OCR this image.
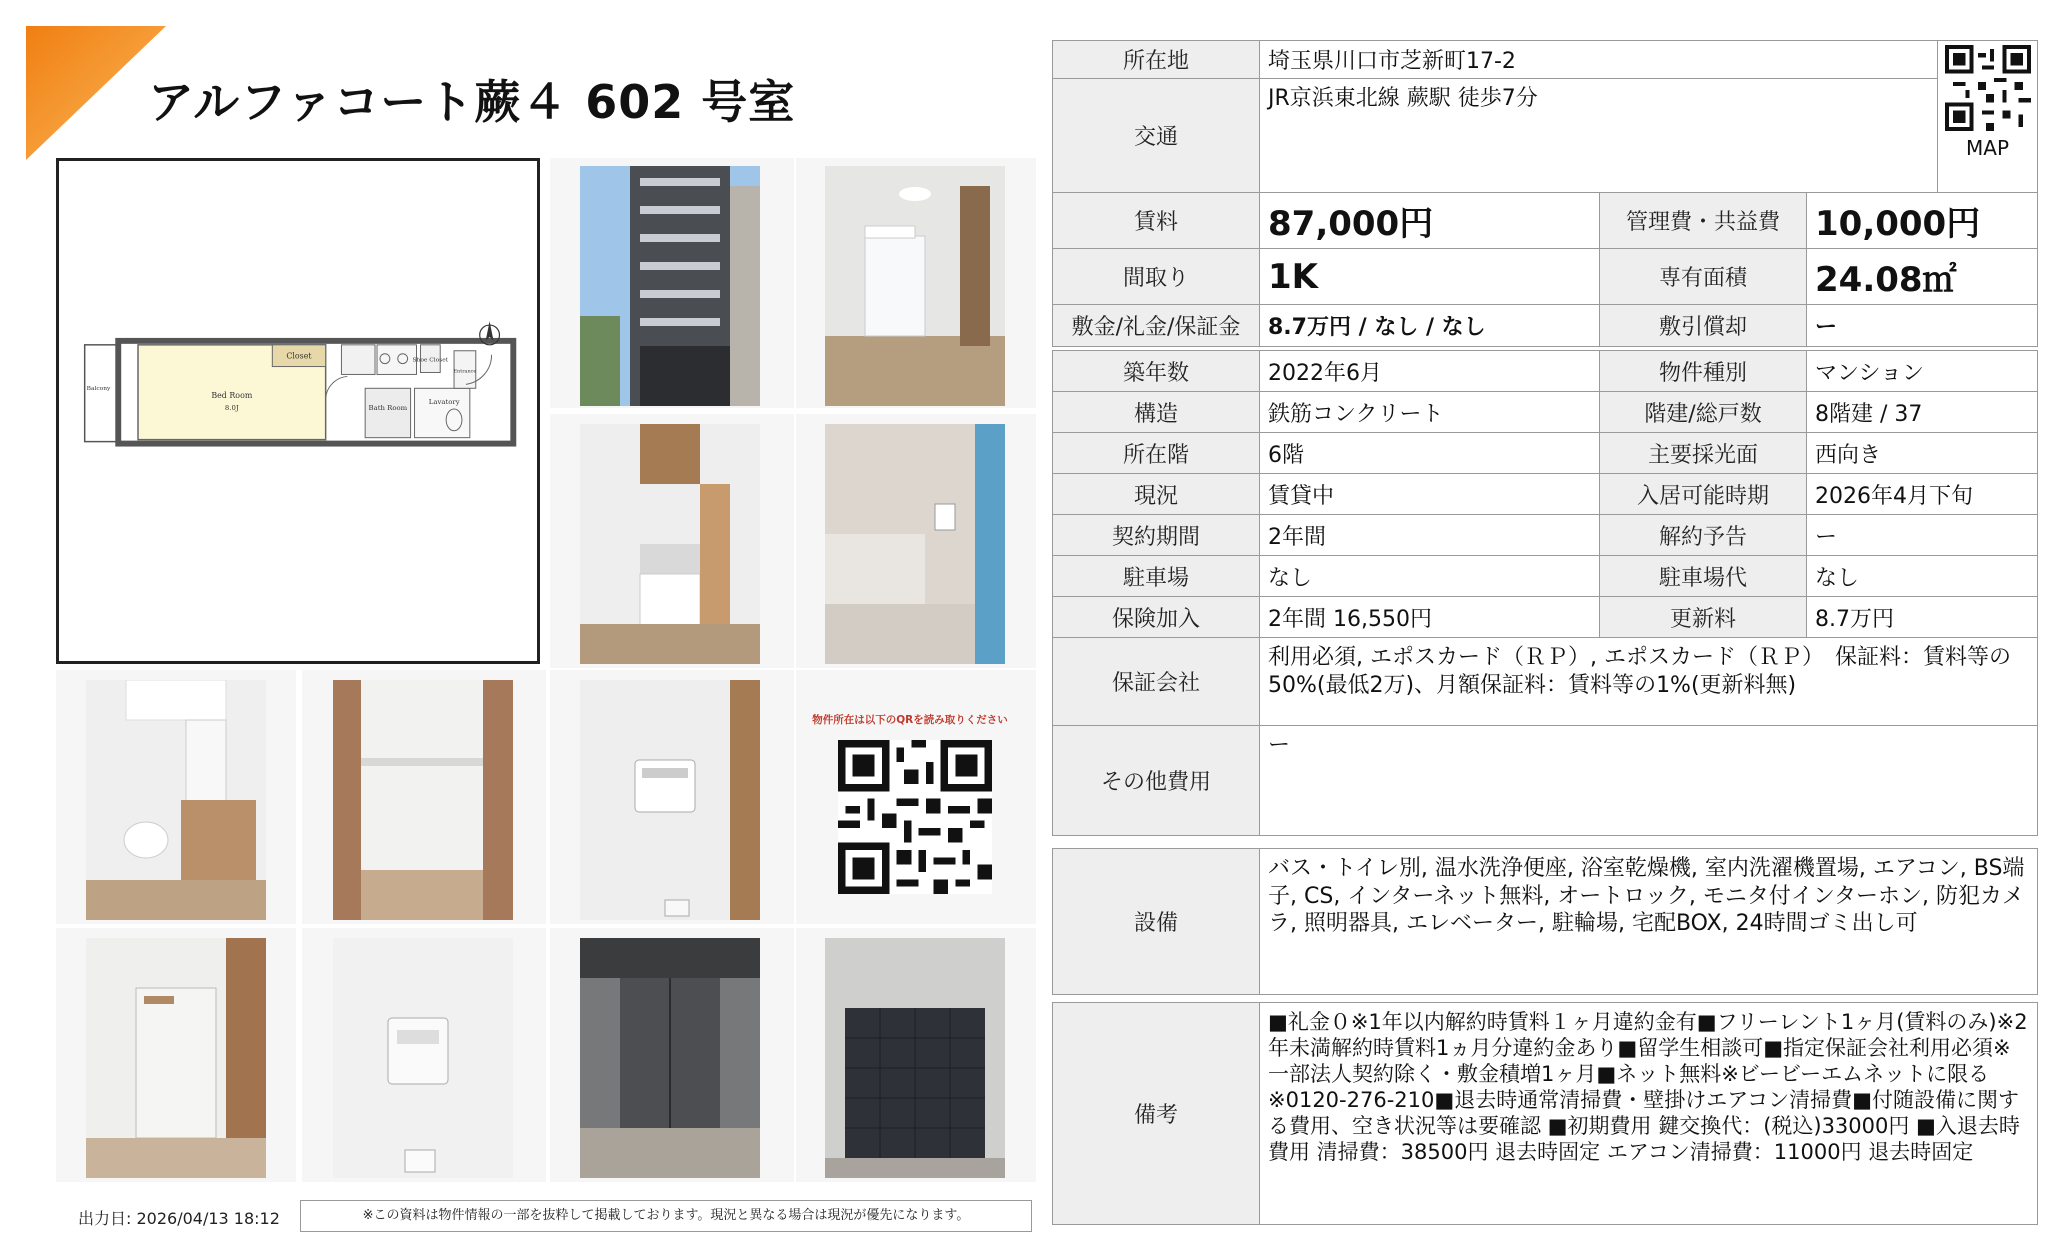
アルファコート蕨４ 602 号室
Closet	Shoe Closet
Bed Room
8.0J
Balcony
Bath Room
Lavatory
Entrance
物件所在は以下のQRを読み取りください
出力日: 2026/04/13 18:12	※この資料は物件情報の一部を抜粋して掲載しております。現況と異なる場合は現況が優先になります。
所在地	埼玉県川口市芝新町17-2			MAP

交通	JR京浜東北線 蕨駅 徒歩7分			
賃料	87,000円	管理費・共益費	10,000円	
間取り	1K	専有面積	24.08㎡	
敷金/礼金/保証金	8.7万円 / なし / なし	敷引償却	ー	
築年数	2022年6月	物件種別	マンション
構造	鉄筋コンクリート	階建/総戸数	8階建 / 37
所在階	6階	主要採光面	西向き
現況	賃貸中	入居可能時期	2026年4月下旬
契約期間	2年間	解約予告	ー
駐車場	なし	駐車場代	なし
保険加入	2年間 16,550円	更新料	8.7万円
保証会社	利用必須, エポスカード（ＲＰ）, エポスカード（ＲＰ）　保証料：賃料等の50%(最低2万)、月額保証料：賃料等の1%(更新料無)		
その他費用	ー		
設備	バス・トイレ別, 温水洗浄便座, 浴室乾燥機, 室内洗濯機置場, エアコン, BS端子, CS, インターネット無料, オートロック, モニタ付インターホン, 防犯カメラ, 照明器具, エレベーター, 駐輪場, 宅配BOX, 24時間ゴミ出し可
備考	■礼金０※1年以内解約時賃料１ヶ月違約金有■フリーレント1ヶ月(賃料のみ)※2年未満解約時賃料1ヵ月分違約金あり■留学生相談可■指定保証会社利用必須※一部法人契約除く・敷金積増1ヶ月■ネット無料※ビービーエムネットに限る※0120-276-210■退去時通常清掃費・壁掛けエアコン清掃費■付随設備に関する費用、空き状況等は要確認 ■初期費用 鍵交換代：(税込)33000円 ■入退去時費用 清掃費：38500円 退去時固定 エアコン清掃費：11000円 退去時固定
